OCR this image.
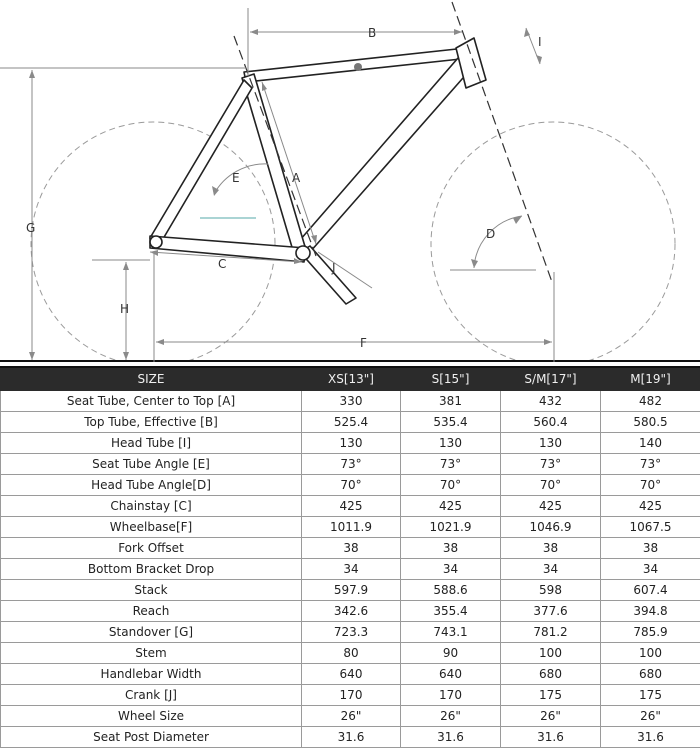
B
I
A
E
D
G
C	J
H
F
SIZE	XS[13"]	S[15"]	S/M[17"]	M[19"]
Seat Tube, Center to Top [A]	330	381	432	482
Top Tube, Effective [B]	525.4	535.4	560.4	580.5
Head Tube [I]	130	130	130	140
Seat Tube Angle [E]	73°	73°	73°	73°
Head Tube Angle[D]	70°	70°	70°	70°
Chainstay [C]	425	425	425	425
Wheelbase[F]	1011.9	1021.9	1046.9	1067.5
Fork Offset	38	38	38	38
Bottom Bracket Drop	34	34	34	34
Stack	597.9	588.6	598	607.4
Reach	342.6	355.4	377.6	394.8
Standover [G]	723.3	743.1	781.2	785.9
Stem	80	90	100	100
Handlebar Width	640	640	680	680
Crank [J]	170	170	175	175
Wheel Size	26"	26"	26"	26"
Seat Post Diameter	31.6	31.6	31.6	31.6
